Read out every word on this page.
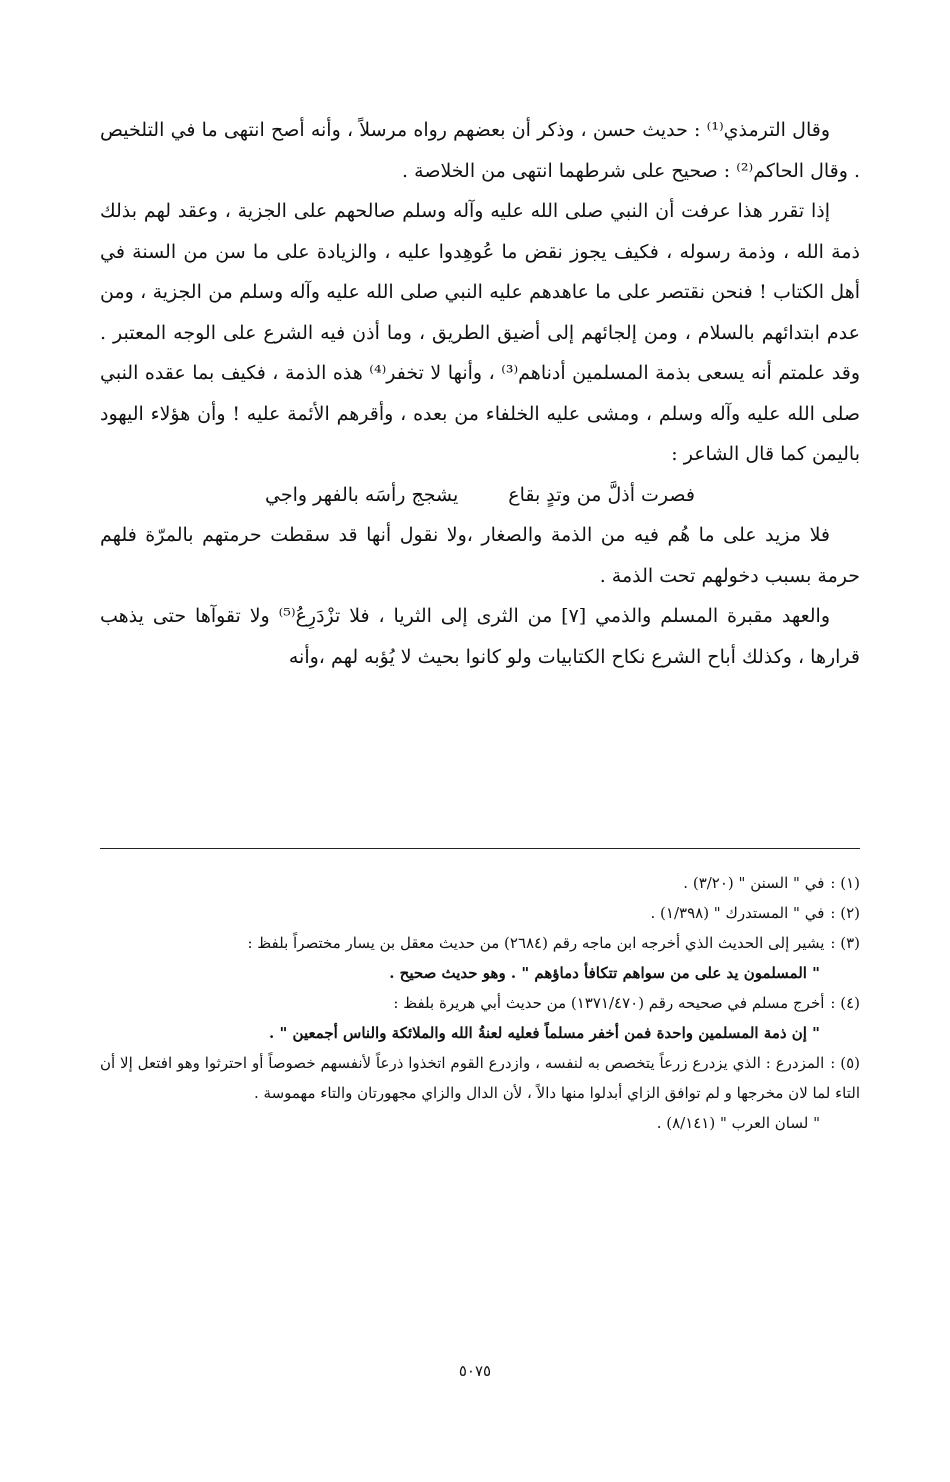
وقال الترمذي⁽¹⁾ : حديث حسن ، وذكر أن بعضهم رواه مرسلاً ، وأنه أصح انتهى ما في التلخيص . وقال الحاكم⁽²⁾ : صحيح على شرطهما انتهى من الخلاصة .

إذا تقرر هذا عرفت أن النبي صلى الله عليه وآله وسلم صالحهم على الجزية ، وعقد لهم بذلك ذمة الله ، وذمة رسوله ، فكيف يجوز نقض ما عُوهِدوا عليه ، والزيادة على ما سن من السنة في أهل الكتاب ! فنحن نقتصر على ما عاهدهم عليه النبي صلى الله عليه وآله وسلم من الجزية ، ومن عدم ابتدائهم بالسلام ، ومن إلجائهم إلى أضيق الطريق ، وما أذن فيه الشرع على الوجه المعتبر . وقد علمتم أنه يسعى بذمة المسلمين أدناهم⁽³⁾ ، وأنها لا تخفر⁽⁴⁾ هذه الذمة ، فكيف بما عقده النبي صلى الله عليه وآله وسلم ، ومشى عليه الخلفاء من بعده ، وأقرهم الأئمة عليه ! وأن هؤلاء اليهود باليمن كما قال الشاعر :

فصرت أذلَّ من وتدٍ بقاع
يشجج رأسَه بالفهر واجي

فلا مزيد على ما هُم فيه من الذمة والصغار ،ولا نقول أنها قد سقطت حرمتهم بالمرّة فلهم حرمة بسبب دخولهم تحت الذمة .

والعهد مقبرة المسلم والذمي [٧] من الثرى إلى الثريا ، فلا تزْدَرِعُ⁽⁵⁾ ولا تقوآها حتى يذهب قرارها ، وكذلك أباح الشرع نكاح الكتابيات ولو كانوا بحيث لا يُؤبه لهم ،وأنه

(١) :في " السنن " (٣/٢٠) .

(٢) :في " المستدرك " (١/٣٩٨) .

(٣) :يشير إلى الحديث الذي أخرجه ابن ماجه رقم (٢٦٨٤) من حديث معقل بن يسار مختصراً بلفظ :
" المسلمون يد على من سواهم تتكافأ دماؤهم " . وهو حديث صحيح .

(٤) :أخرج مسلم في صحيحه رقم (١٣٧١/٤٧٠) من حديث أبي هريرة بلفظ :
" إن ذمة المسلمين واحدة فمن أخفر مسلماً فعليه لعنةُ الله والملائكة والناس أجمعين " .

(٥) :المزدرع : الذي يزدرع زرعاً يتخصص به لنفسه ، وازدرع القوم اتخذوا ذرعاً لأنفسهم خصوصاً أو احترثوا وهو افتعل إلا أن التاء لما لان مخرجها و لم توافق الزاي أبدلوا منها دالاً ، لأن الدال والزاي مجهورتان والتاء مهموسة .
" لسان العرب " (٨/١٤١) .

٥٠٧٥
